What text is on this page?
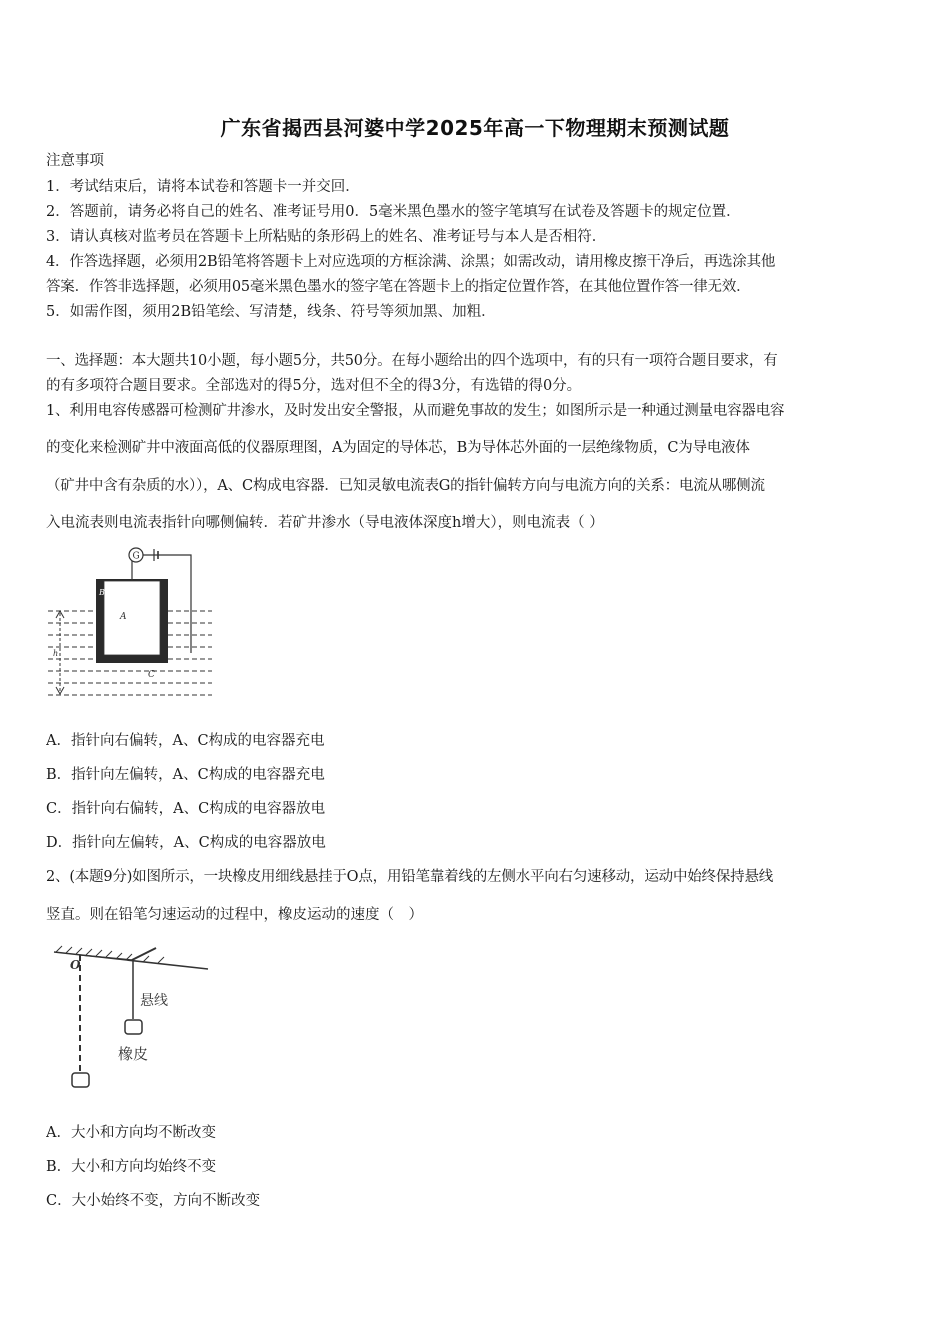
广东省揭西县河婆中学2025年高一下物理期末预测试题
注意事项
1．考试结束后，请将本试卷和答题卡一并交回．
2．答题前，请务必将自己的姓名、准考证号用0．5毫米黑色墨水的签字笔填写在试卷及答题卡的规定位置．
3．请认真核对监考员在答题卡上所粘贴的条形码上的姓名、准考证号与本人是否相符．
4．作答选择题，必须用2B铅笔将答题卡上对应选项的方框涂满、涂黑；如需改动，请用橡皮擦干净后，再选涂其他
答案．作答非选择题，必须用05毫米黑色墨水的签字笔在答题卡上的指定位置作答，在其他位置作答一律无效．
5．如需作图，须用2B铅笔绘、写清楚，线条、符号等须加黑、加粗．
一、选择题：本大题共10小题，每小题5分，共50分。在每小题给出的四个选项中，有的只有一项符合题目要求，有
的有多项符合题目要求。全部选对的得5分，选对但不全的得3分，有选错的得0分。
1、利用电容传感器可检测矿井渗水，及时发出安全警报，从而避免事故的发生；如图所示是一种通过测量电容器电容
的变化来检测矿井中液面高低的仪器原理图，A为固定的导体芯，B为导体芯外面的一层绝缘物质，C为导电液体
（矿井中含有杂质的水）），A、C构成电容器．已知灵敏电流表G的指针偏转方向与电流方向的关系：电流从哪侧流
入电流表则电流表指针向哪侧偏转．若矿井渗水（导电液体深度h增大），则电流表（ ）
G
B
A
C
h
A．指针向右偏转，A、C构成的电容器充电
B．指针向左偏转，A、C构成的电容器充电
C．指针向右偏转，A、C构成的电容器放电
D．指针向左偏转，A、C构成的电容器放电
2、(本题9分)如图所示，一块橡皮用细线悬挂于O点，用铅笔靠着线的左侧水平向右匀速移动，运动中始终保持悬线
竖直。则在铅笔匀速运动的过程中，橡皮运动的速度（　）
O
悬线
橡皮
A．大小和方向均不断改变
B．大小和方向均始终不变
C．大小始终不变，方向不断改变
